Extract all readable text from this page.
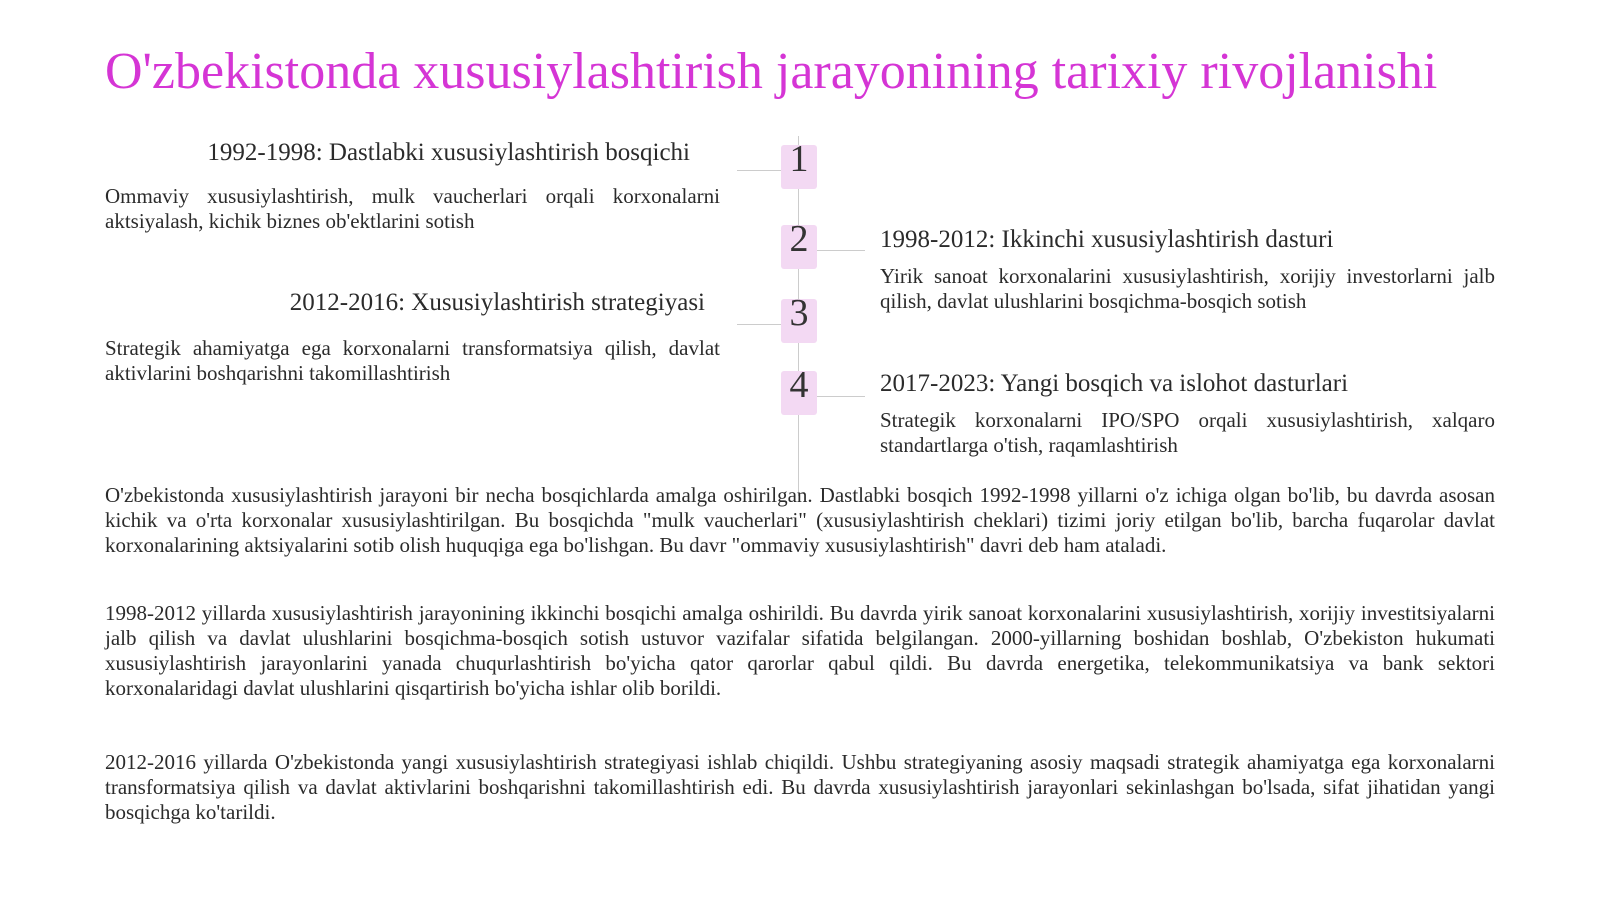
O'zbekistonda xususiylashtirish jarayonining tarixiy rivojlanishi
1
1992-1998: Dastlabki xususiylashtirish bosqichi
Ommaviy xususiylashtirish, mulk vaucherlari orqali korxonalarni aktsiyalash, kichik biznes ob'ektlarini sotish	2	1998-2012: Ikkinchi xususiylashtirish dasturi
Yirik sanoat korxonalarini xususiylashtirish, xorijiy investorlarni jalb qilish, davlat ulushlarini bosqichma-bosqich sotish
3
2012-2016: Xususiylashtirish strategiyasi
Strategik ahamiyatga ega korxonalarni transformatsiya qilish, davlat aktivlarini boshqarishni takomillashtirish	4	2017-2023: Yangi bosqich va islohot dasturlari
Strategik korxonalarni IPO/SPO orqali xususiylashtirish, xalqaro standartlarga o'tish, raqamlashtirish

O'zbekistonda xususiylashtirish jarayoni bir necha bosqichlarda amalga oshirilgan. Dastlabki bosqich 1992-1998 yillarni o'z ichiga olgan bo'lib, bu davrda asosan kichik va o'rta korxonalar xususiylashtirilgan. Bu bosqichda "mulk vaucherlari" (xususiylashtirish cheklari) tizimi joriy etilgan bo'lib, barcha fuqarolar davlat korxonalarining aktsiyalarini sotib olish huquqiga ega bo'lishgan. Bu davr "ommaviy xususiylashtirish" davri deb ham ataladi.

1998-2012 yillarda xususiylashtirish jarayonining ikkinchi bosqichi amalga oshirildi. Bu davrda yirik sanoat korxonalarini xususiylashtirish, xorijiy investitsiyalarni jalb qilish va davlat ulushlarini bosqichma-bosqich sotish ustuvor vazifalar sifatida belgilangan. 2000-yillarning boshidan boshlab, O'zbekiston hukumati xususiylashtirish jarayonlarini yanada chuqurlashtirish bo'yicha qator qarorlar qabul qildi. Bu davrda energetika, telekommunikatsiya va bank sektori korxonalaridagi davlat ulushlarini qisqartirish bo'yicha ishlar olib borildi.

2012-2016 yillarda O'zbekistonda yangi xususiylashtirish strategiyasi ishlab chiqildi. Ushbu strategiyaning asosiy maqsadi strategik ahamiyatga ega korxonalarni transformatsiya qilish va davlat aktivlarini boshqarishni takomillashtirish edi. Bu davrda xususiylashtirish jarayonlari sekinlashgan bo'lsada, sifat jihatidan yangi bosqichga ko'tarildi.
